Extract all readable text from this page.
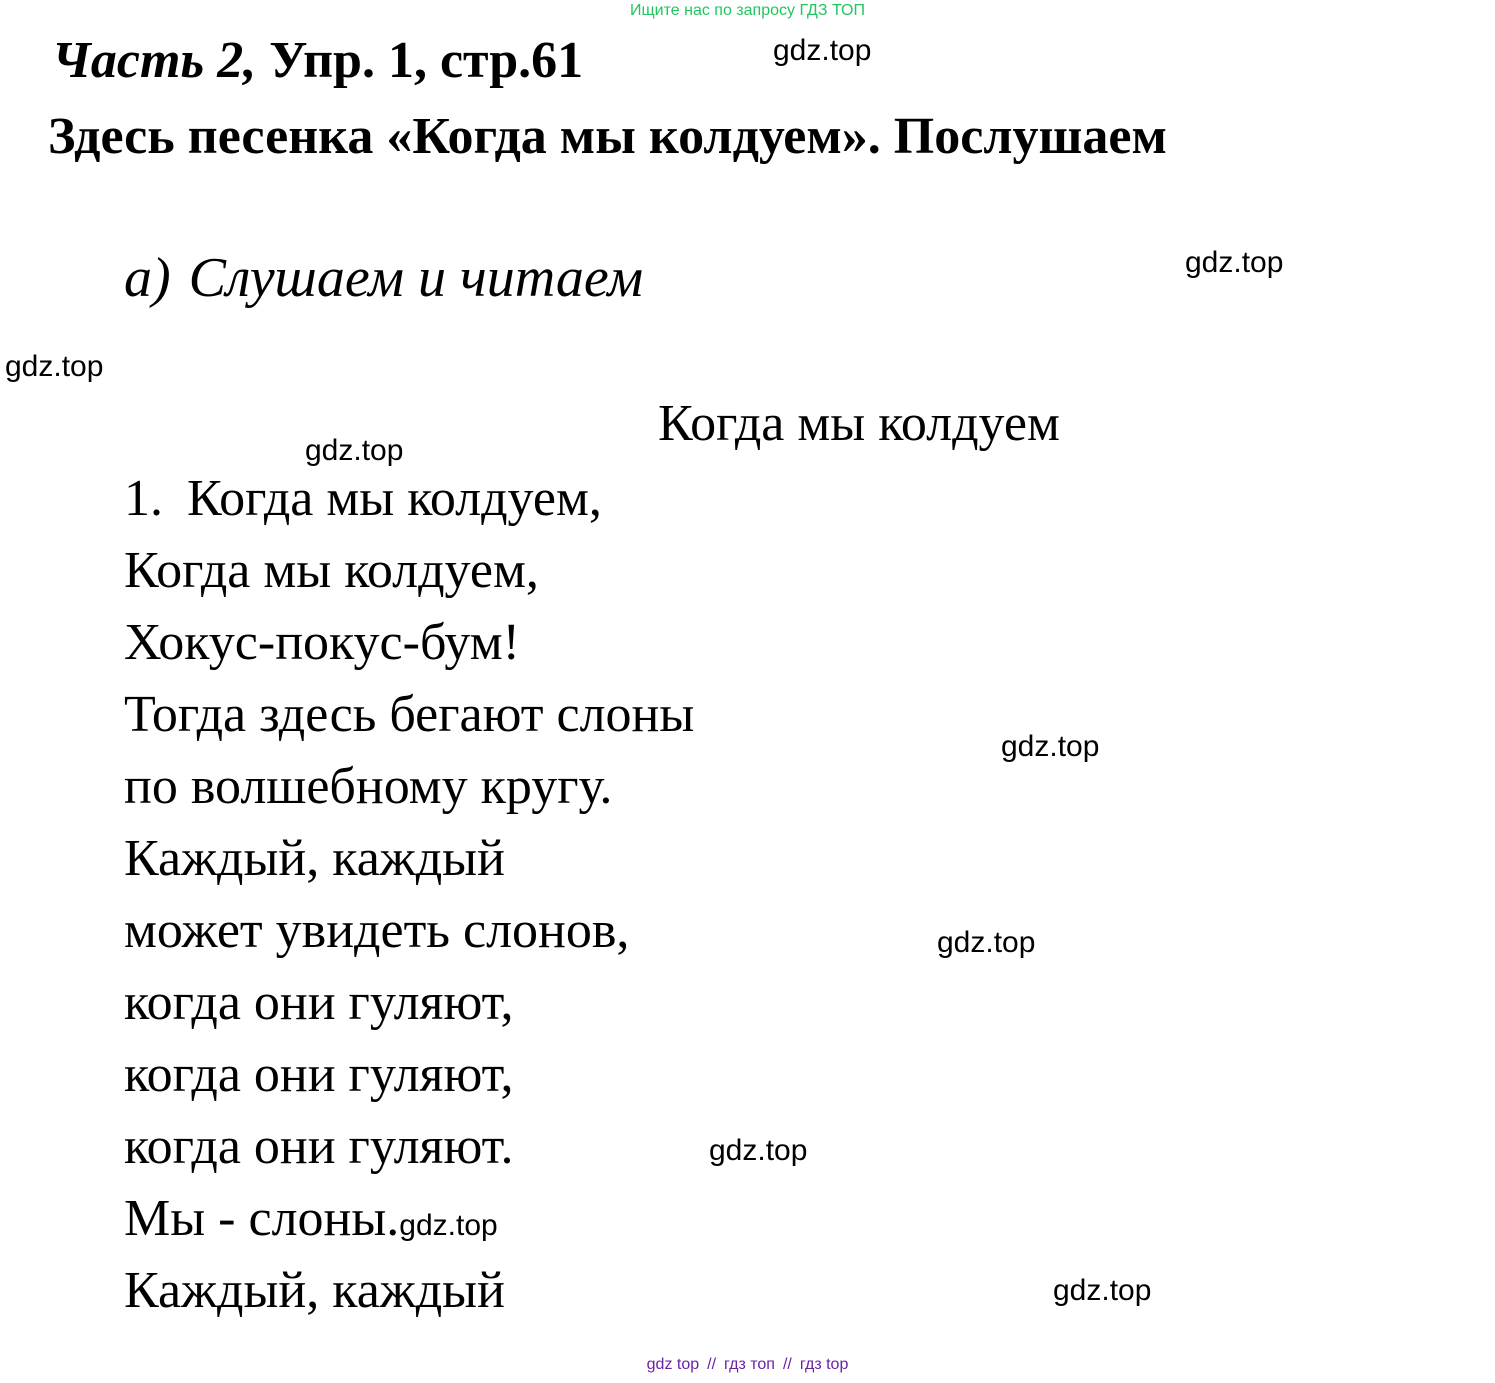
Ищите нас по запросу ГДЗ ТОП
Часть 2, Упр. 1, стр.61
Здесь песенка «Когда мы колдуем». Послушаем
а) Слушаем и читаем
Когда мы колдуем
1. Когда мы колдуем,
Когда мы колдуем,
Хокус-покус-бум!
Тогда здесь бегают слоны
по волшебному кругу.
Каждый, каждый
может увидеть слонов,
когда они гуляют,
когда они гуляют,
когда они гуляют.
Мы - слоны.gdz.top
Каждый, каждый
gdz.top
gdz.top
gdz.top
gdz.top
gdz.top
gdz.top
gdz.top
gdz.top
gdz top // гдз топ // гдз top
